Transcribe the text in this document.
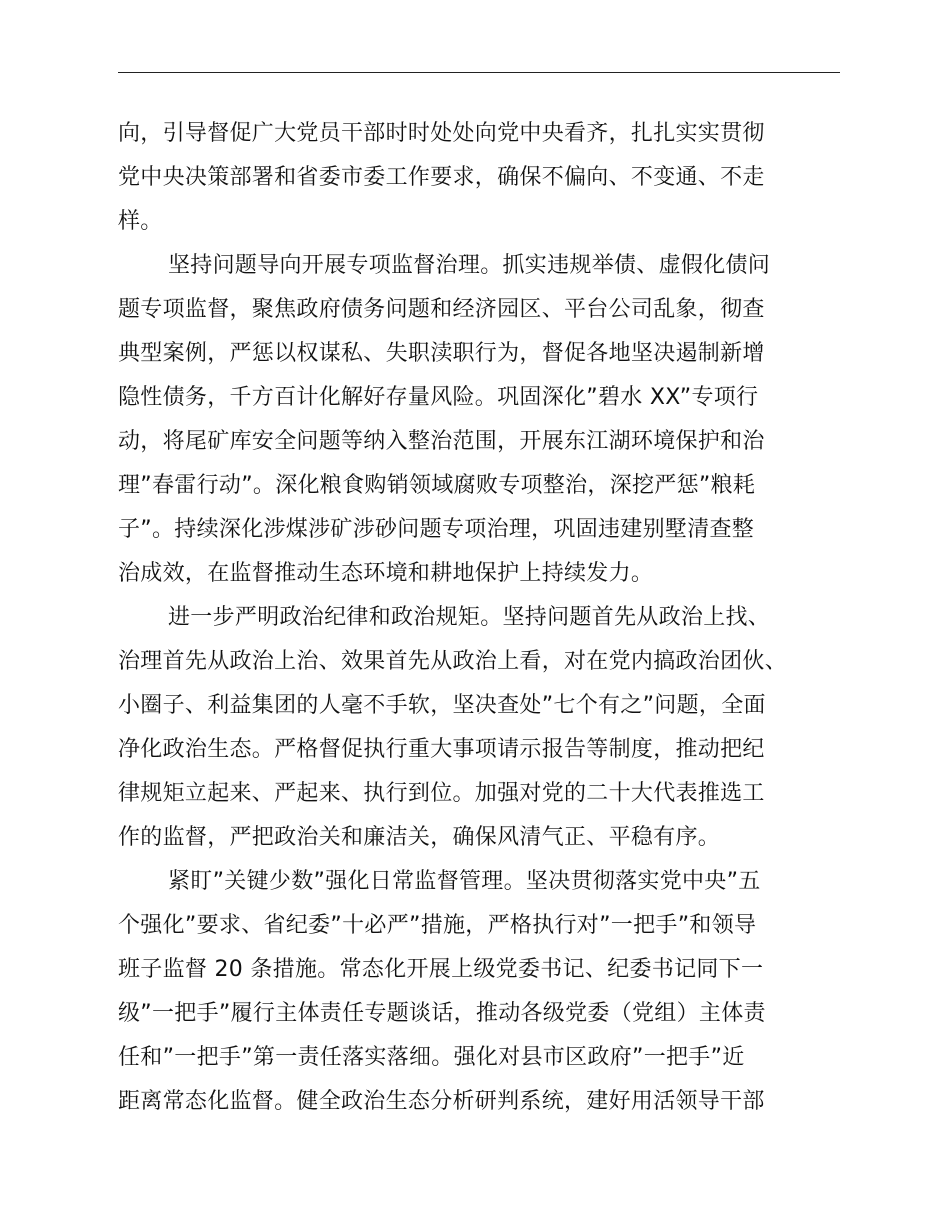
向，引导督促广大党员干部时时处处向党中央看齐，扎扎实实贯彻
党中央决策部署和省委市委工作要求，确保不偏向、不变通、不走
样。
坚持问题导向开展专项监督治理。抓实违规举债、虚假化债问
题专项监督，聚焦政府债务问题和经济园区、平台公司乱象，彻查
典型案例，严惩以权谋私、失职渎职行为，督促各地坚决遏制新增
隐性债务，千方百计化解好存量风险。巩固深化”碧水 XX”专项行
动，将尾矿库安全问题等纳入整治范围，开展东江湖环境保护和治
理”春雷行动”。深化粮食购销领域腐败专项整治，深挖严惩”粮耗
子”。持续深化涉煤涉矿涉砂问题专项治理，巩固违建别墅清查整
治成效，在监督推动生态环境和耕地保护上持续发力。
进一步严明政治纪律和政治规矩。坚持问题首先从政治上找、
治理首先从政治上治、效果首先从政治上看，对在党内搞政治团伙、
小圈子、利益集团的人毫不手软，坚决查处”七个有之”问题，全面
净化政治生态。严格督促执行重大事项请示报告等制度，推动把纪
律规矩立起来、严起来、执行到位。加强对党的二十大代表推选工
作的监督，严把政治关和廉洁关，确保风清气正、平稳有序。
紧盯”关键少数”强化日常监督管理。坚决贯彻落实党中央”五
个强化”要求、省纪委”十必严”措施，严格执行对”一把手”和领导
班子监督 20 条措施。常态化开展上级党委书记、纪委书记同下一
级”一把手”履行主体责任专题谈话，推动各级党委（党组）主体责
任和”一把手”第一责任落实落细。强化对县市区政府”一把手”近
距离常态化监督。健全政治生态分析研判系统，建好用活领导干部
